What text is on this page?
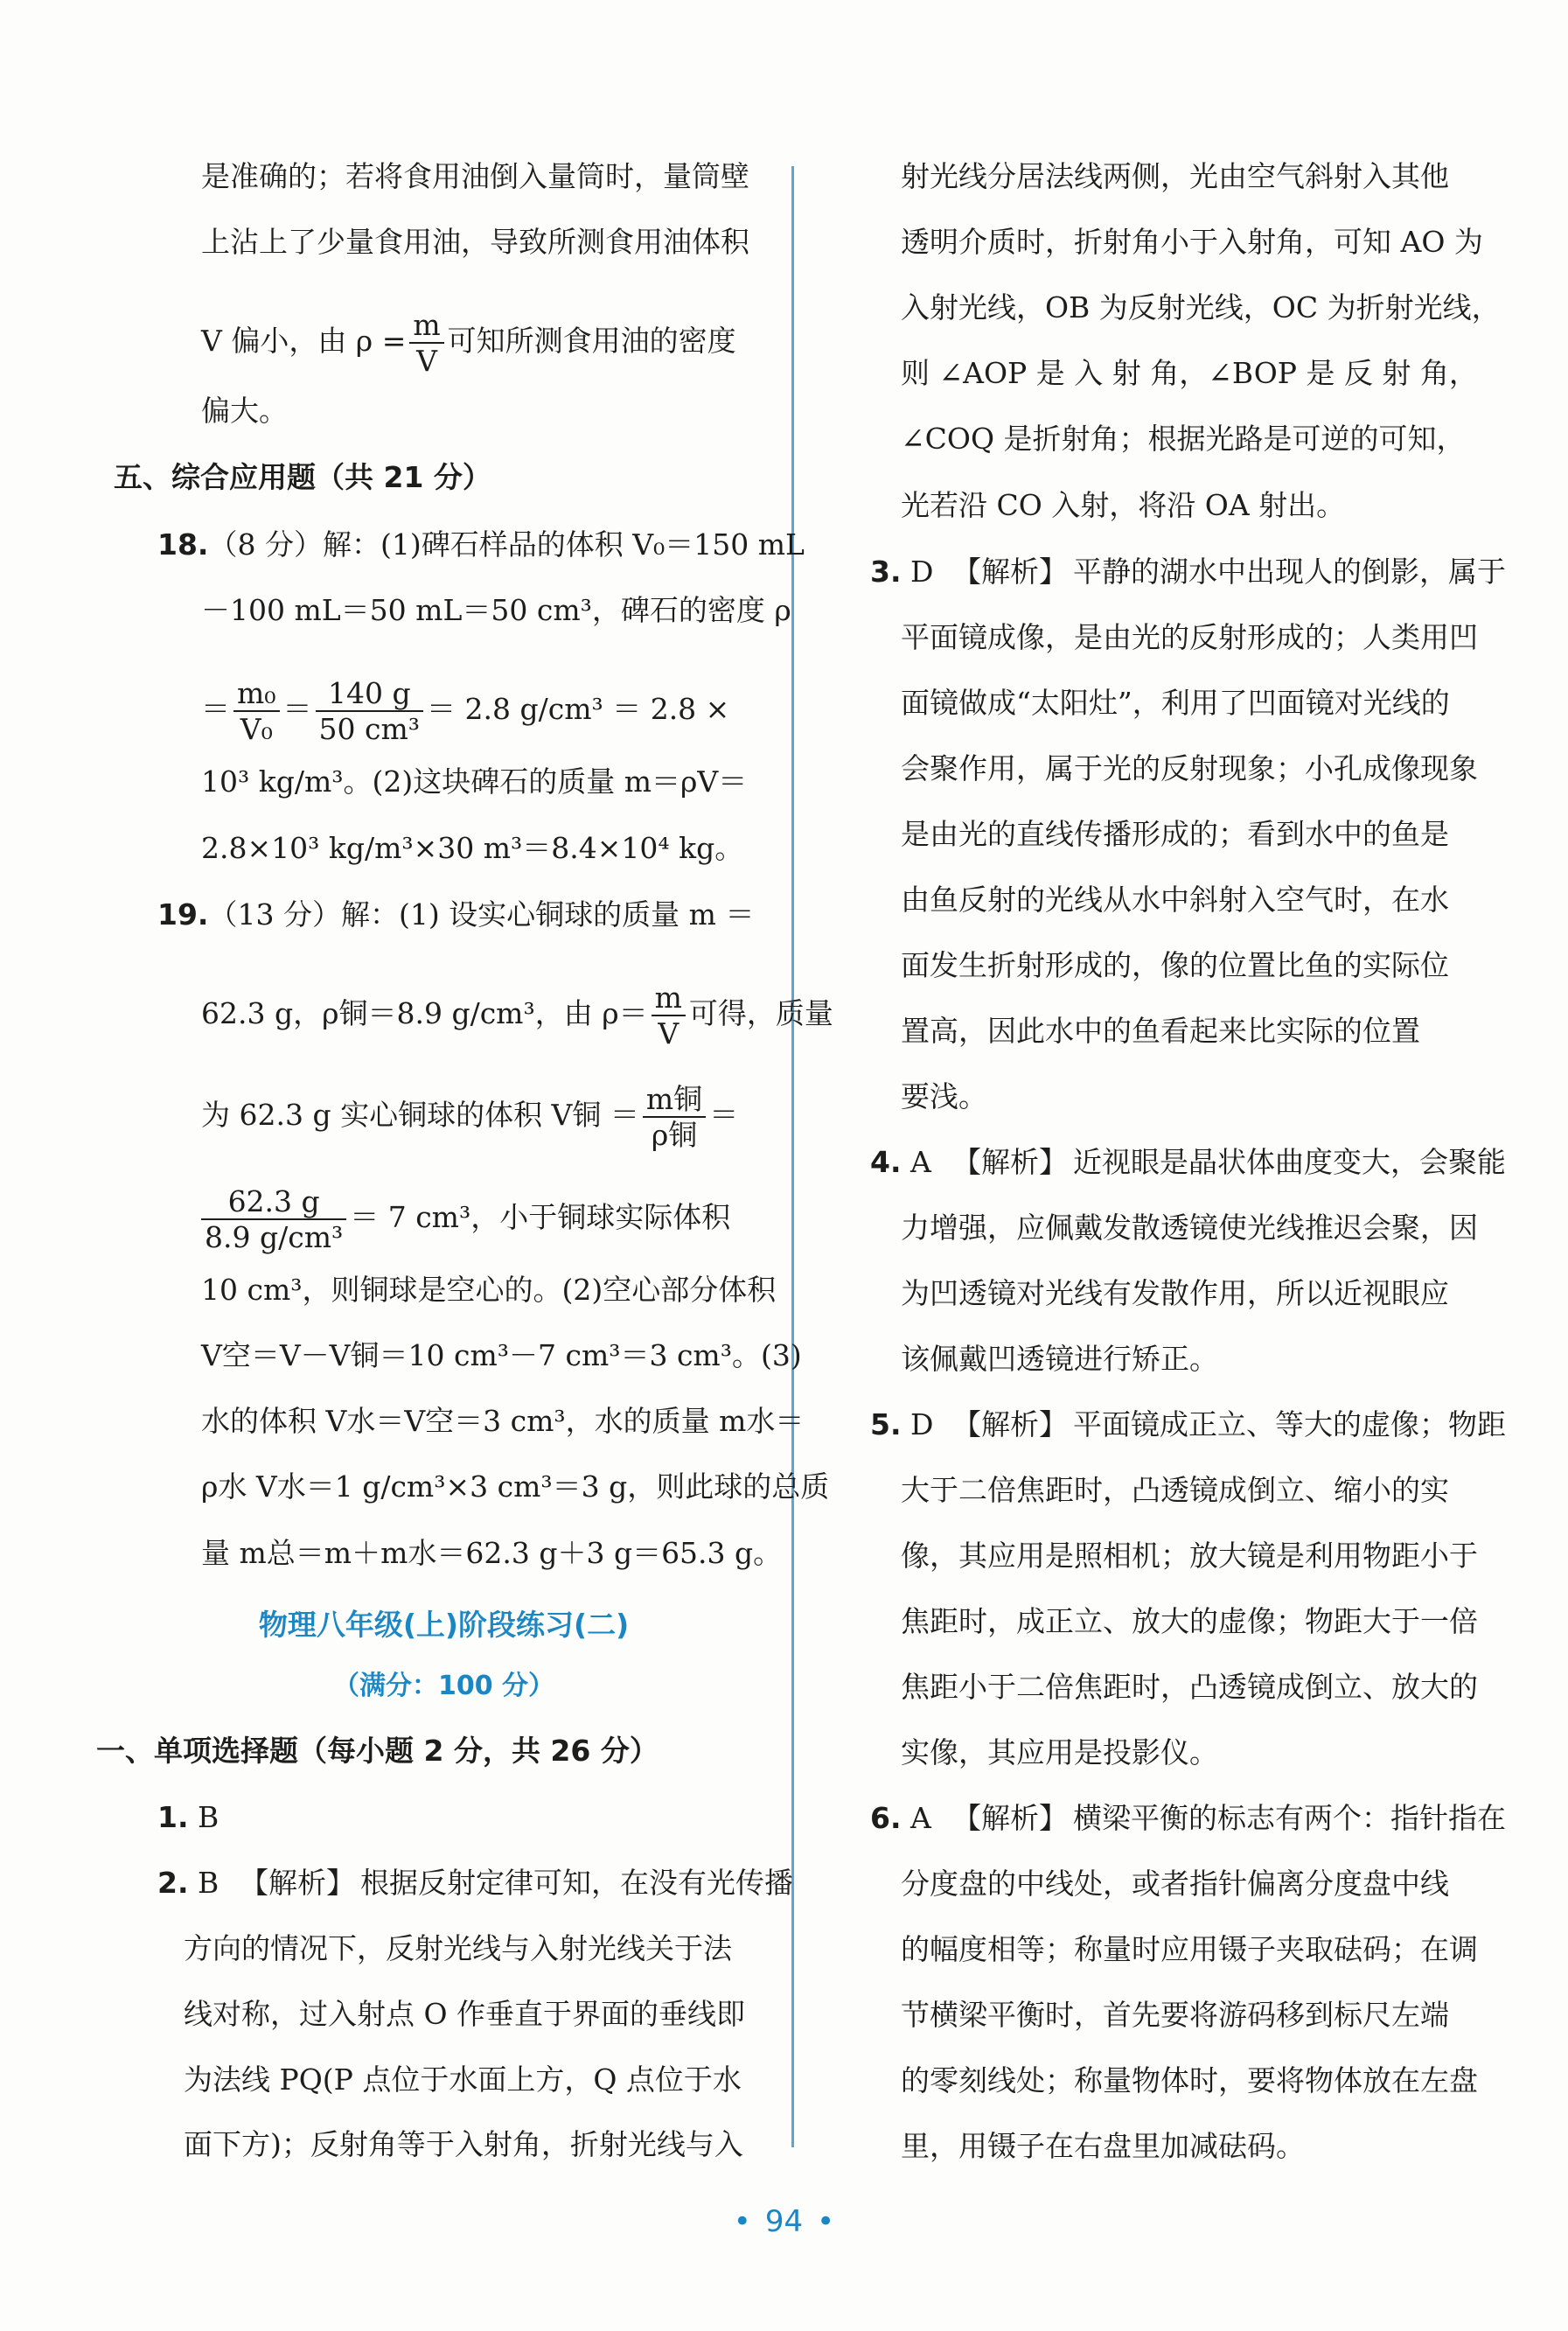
是准确的；若将食用油倒入量筒时，量筒壁
上沾上了少量食用油，导致所测食用油体积
V 偏小，由 $\rho = \frac{m}{V}$ 可知所测食用油的密度
偏大。
五、综合应用题（共 21 分）
18.（8 分）解：(1)碑石样品的体积 V₀＝150 mL
－100 mL＝50 mL＝50 cm³，碑石的密度 ρ
＝ $\frac{\text{m₀}}{\text{V₀}} = \frac{140 g}{\text{50 cm³}} = 2.8$ g/cm³ ＝ 2.8 ×
10³ kg/m³。(2)这块碑石的质量 m＝ρV＝
2.8×10³ kg/m³×30 m³＝8.4×10⁴ kg。
19.（13 分）解：(1) 设实心铜球的质量 m ＝
62.3 g，ρ铜＝8.9 g/cm³，由 $\rho= \frac{m}{V}$ 可得，质量
为 62.3 g 实心铜球的体积 V铜 ＝ m铜
ρ铜
＝
$\frac{62.3 g}{\text{8.9 g/cm³}} = 7$ cm³，小于铜球实际体积
10 cm³，则铜球是空心的。(2)空心部分体积
V空＝V－V铜＝10 cm³－7 cm³＝3 cm³。(3)
水的体积 V水＝V空＝3 cm³，水的质量 m水＝
ρ水 V水＝1 g/cm³×3 cm³＝3 g，则此球的总质
量 m总＝m＋m水＝62.3 g＋3 g＝65.3 g。
物理八年级(上)阶段练习(二)
（满分：100 分）
一、单项选择题（每小题 2 分，共 26 分）
1. B
2. B 【解析】 根据反射定律可知，在没有光传播
方向的情况下，反射光线与入射光线关于法
线对称，过入射点 O 作垂直于界面的垂线即
为法线 PQ(P 点位于水面上方，Q 点位于水
面下方)；反射角等于入射角，折射光线与入
射光线分居法线两侧，光由空气斜射入其他
透明介质时，折射角小于入射角，可知 AO 为
入射光线，OB 为反射光线，OC 为折射光线，
则 ∠AOP 是 入 射 角，∠BOP 是 反 射 角，
∠COQ 是折射角；根据光路是可逆的可知，
光若沿 CO 入射，将沿 OA 射出。
3. D 【解析】 平静的湖水中出现人的倒影，属于
平面镜成像，是由光的反射形成的；人类用凹
面镜做成“太阳灶”，利用了凹面镜对光线的
会聚作用，属于光的反射现象；小孔成像现象
是由光的直线传播形成的；看到水中的鱼是
由鱼反射的光线从水中斜射入空气时，在水
面发生折射形成的，像的位置比鱼的实际位
置高，因此水中的鱼看起来比实际的位置
要浅。
4. A 【解析】 近视眼是晶状体曲度变大，会聚能
力增强，应佩戴发散透镜使光线推迟会聚，因
为凹透镜对光线有发散作用，所以近视眼应
该佩戴凹透镜进行矫正。
5. D 【解析】 平面镜成正立、等大的虚像；物距
大于二倍焦距时，凸透镜成倒立、缩小的实
像，其应用是照相机；放大镜是利用物距小于
焦距时，成正立、放大的虚像；物距大于一倍
焦距小于二倍焦距时，凸透镜成倒立、放大的
实像，其应用是投影仪。
6. A 【解析】 横梁平衡的标志有两个：指针指在
分度盘的中线处，或者指针偏离分度盘中线
的幅度相等；称量时应用镊子夹取砝码；在调
节横梁平衡时，首先要将游码移到标尺左端
的零刻线处；称量物体时，要将物体放在左盘
里，用镊子在右盘里加减砝码。
• 94 •
